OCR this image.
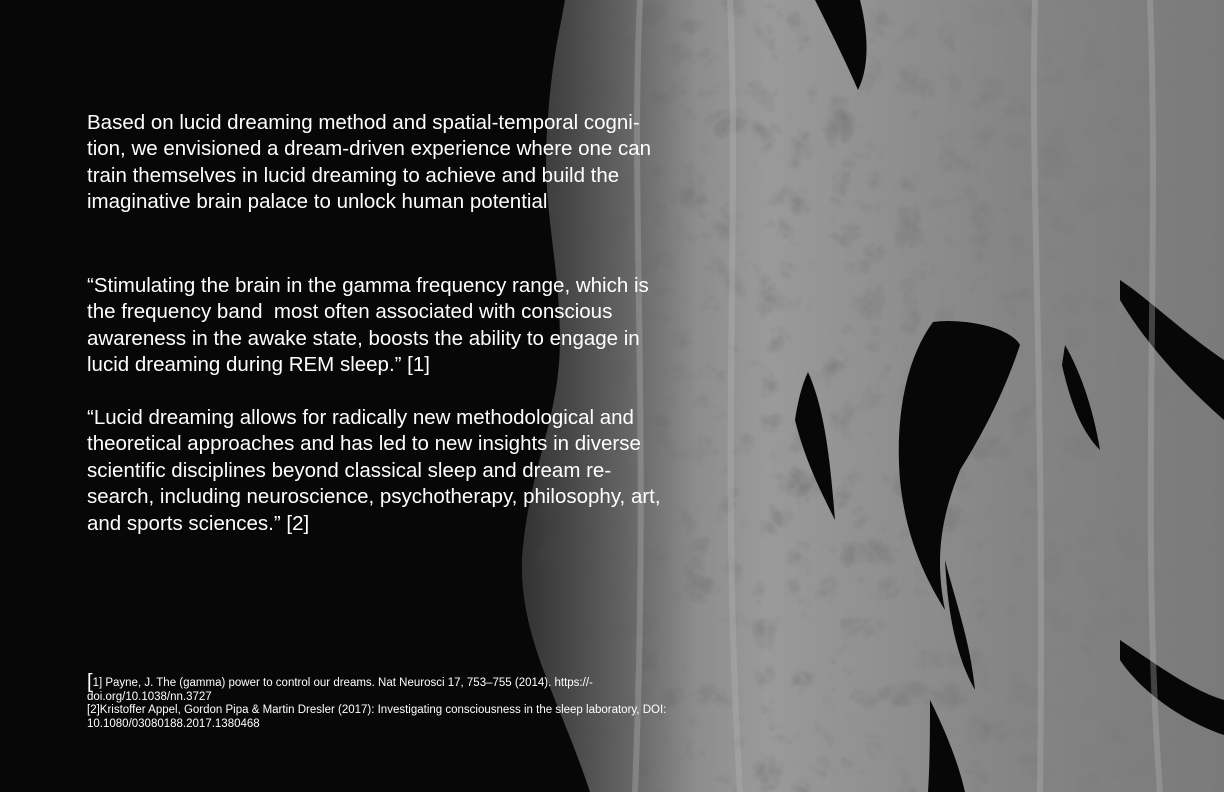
Based on lucid dreaming method and spatial-temporal cogni-
tion, we envisioned a dream-driven experience where one can
train themselves in lucid dreaming to achieve and build the
imaginative brain palace to unlock human potential

“Stimulating the brain in the gamma frequency range, which is
the frequency band  most often associated with conscious
awareness in the awake state, boosts the ability to engage in
lucid dreaming during REM sleep.” [1]

“Lucid dreaming allows for radically new methodological and
theoretical approaches and has led to new insights in diverse
scientific disciplines beyond classical sleep and dream re-
search, including neuroscience, psychotherapy, philosophy, art,
and sports sciences.” [2]

[1] Payne, J. The (gamma) power to control our dreams. Nat Neurosci 17, 753–755 (2014). https://-
doi.org/10.1038/nn.3727
[2]Kristoffer Appel, Gordon Pipa & Martin Dresler (2017): Investigating consciousness in the sleep laboratory, DOI:
10.1080/03080188.2017.1380468
